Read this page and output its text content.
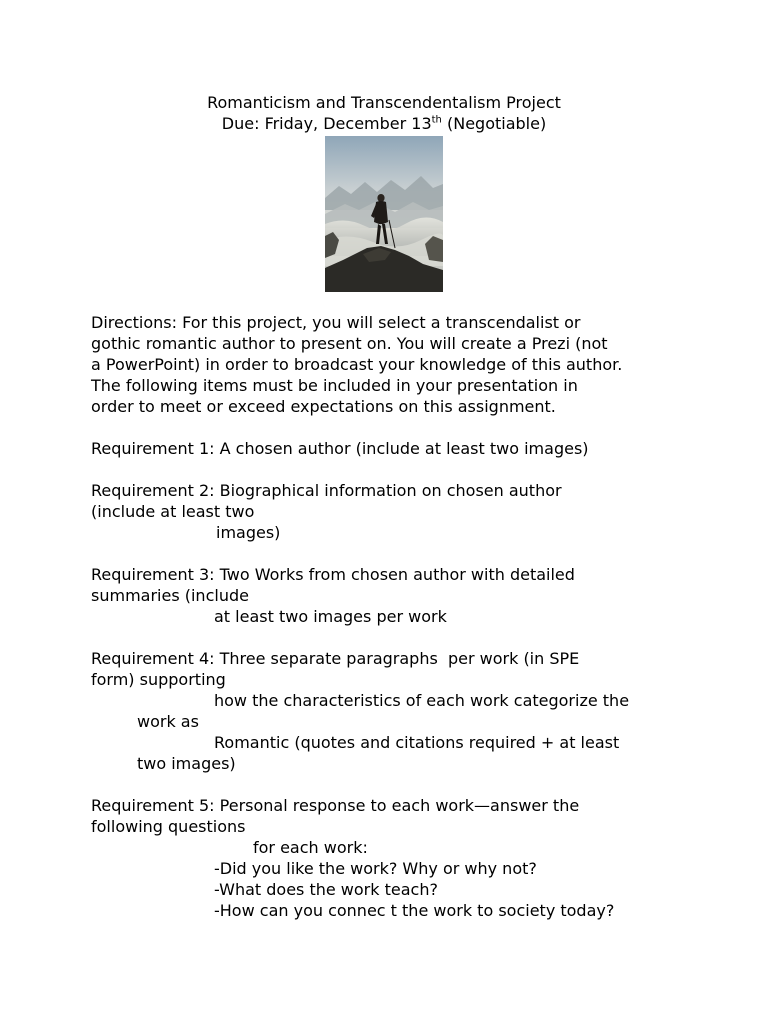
Romanticism and Transcendentalism Project
Due: Friday, December 13th (Negotiable)
Directions: For this project, you will select a transcendalist or
gothic romantic author to present on. You will create a Prezi (not
a PowerPoint) in order to broadcast your knowledge of this author.
The following items must be included in your presentation in
order to meet or exceed expectations on this assignment.
Requirement 1: A chosen author (include at least two images)
Requirement 2: Biographical information on chosen author
(include at least two
images)
Requirement 3: Two Works from chosen author with detailed
summaries (include
at least two images per work
Requirement 4: Three separate paragraphs  per work (in SPE
form) supporting
how the characteristics of each work categorize the
work as
Romantic (quotes and citations required + at least
two images)
Requirement 5: Personal response to each work—answer the
following questions
for each work:
-Did you like the work? Why or why not?
-What does the work teach?
-How can you connec t the work to society today?
